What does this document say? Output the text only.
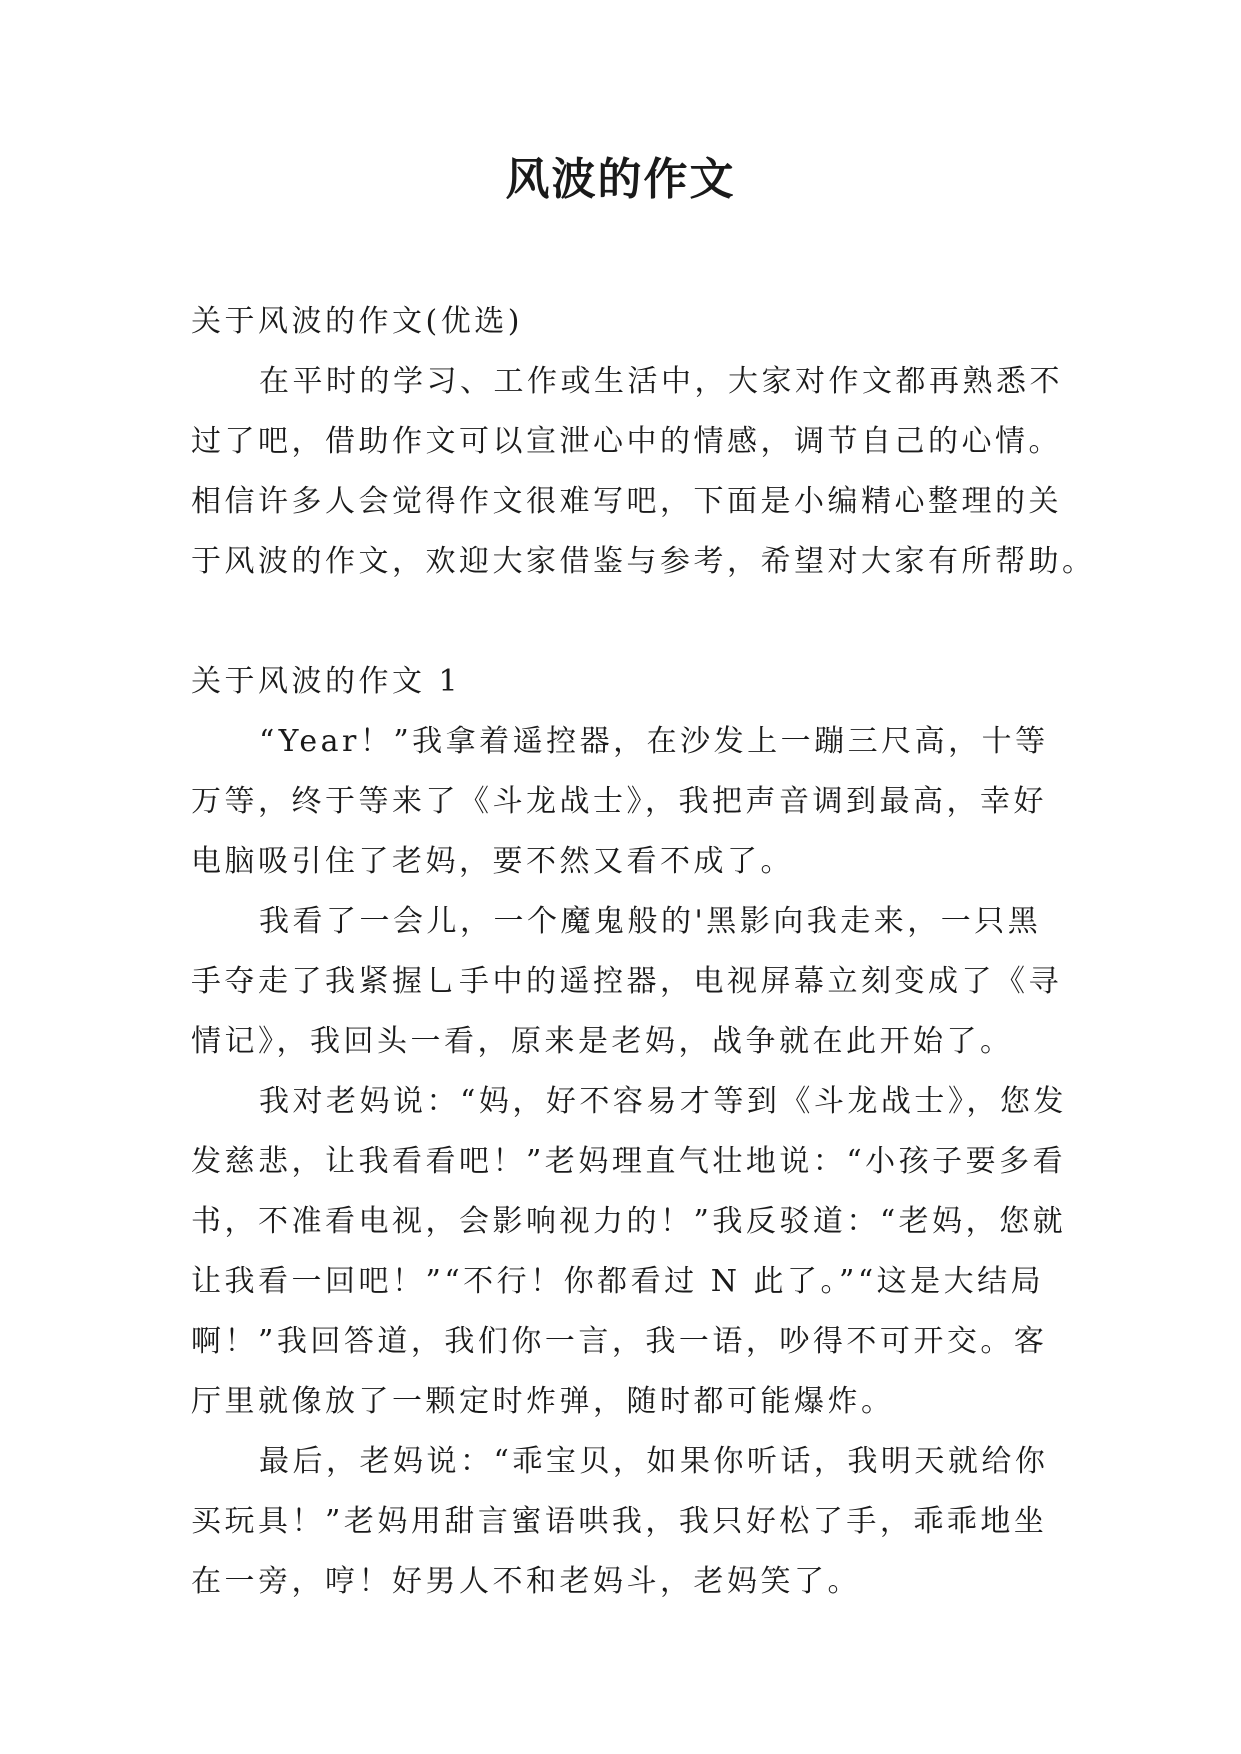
风波的作文
关于风波的作文(优选)
在平时的学习、工作或生活中，大家对作文都再熟悉不
过了吧，借助作文可以宣泄心中的情感，调节自己的心情。
相信许多人会觉得作文很难写吧，下面是小编精心整理的关
于风波的作文，欢迎大家借鉴与参考，希望对大家有所帮助。
关于风波的作文 1
“Year！”我拿着遥控器，在沙发上一蹦三尺高，十等
万等，终于等来了《斗龙战士》，我把声音调到最高，幸好
电脑吸引住了老妈，要不然又看不成了。
我看了一会儿，一个魔鬼般的'黑影向我走来，一只黑
手夺走了我紧握乚手中的遥控器，电视屏幕立刻变成了《寻
情记》，我回头一看，原来是老妈，战争就在此开始了。
我对老妈说：“妈，好不容易才等到《斗龙战士》，您发
发慈悲，让我看看吧！”老妈理直气壮地说：“小孩子要多看
书，不准看电视，会影响视力的！”我反驳道：“老妈，您就
让我看一回吧！”“不行！你都看过 N 此了。”“这是大结局
啊！”我回答道，我们你一言，我一语，吵得不可开交。客
厅里就像放了一颗定时炸弹，随时都可能爆炸。
最后，老妈说：“乖宝贝，如果你听话，我明天就给你
买玩具！”老妈用甜言蜜语哄我，我只好松了手，乖乖地坐
在一旁，哼！好男人不和老妈斗，老妈笑了。
